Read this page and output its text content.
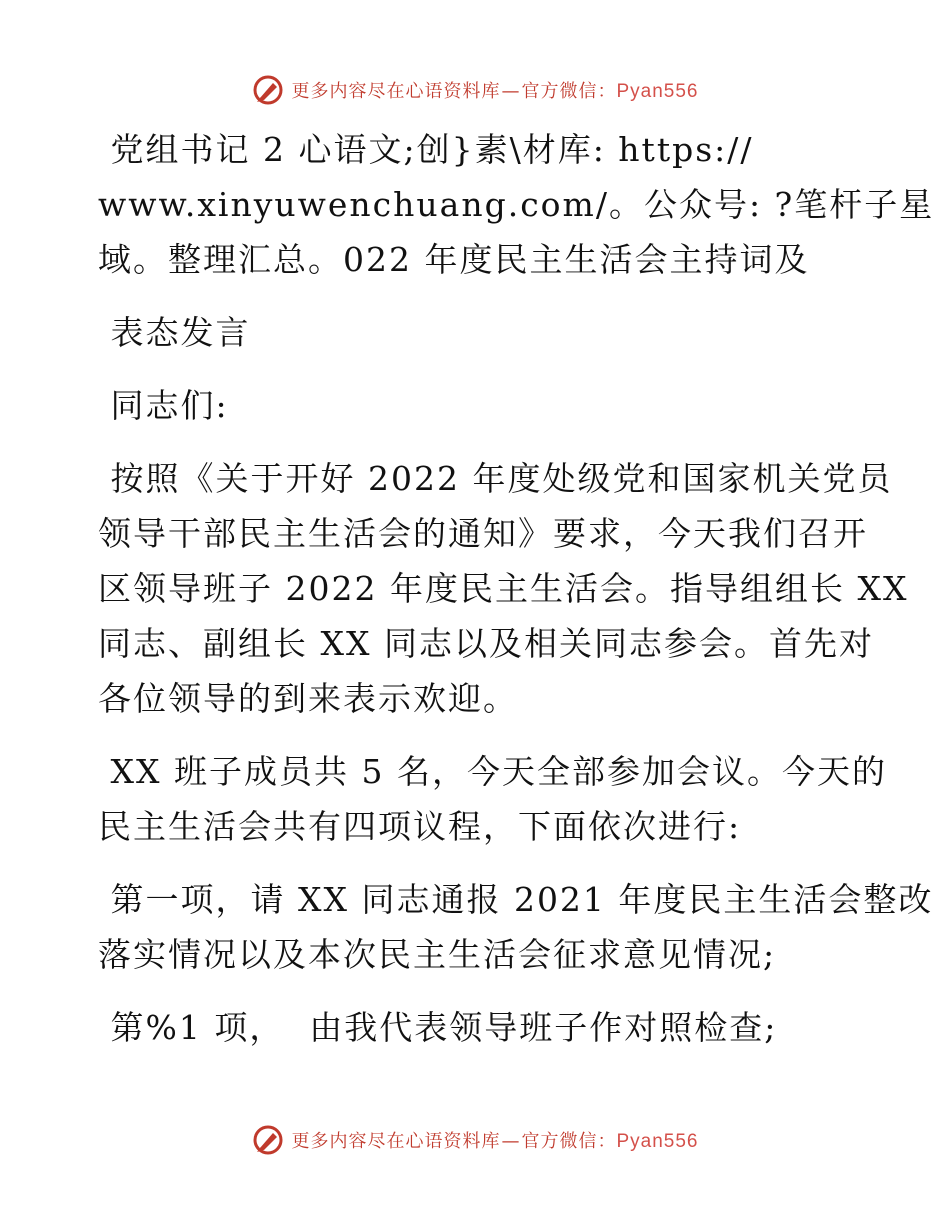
更多内容尽在心语资料库—官方微信：Pyan556
党组书记 2 心语文;创}素\材库: https://
www.xinyuwenchuang.com/。公众号: ?笔杆子星
域。整理汇总。022 年度民主生活会主持词及
表态发言
同志们:
按照《关于开好 2022 年度处级党和国家机关党员
领导干部民主生活会的通知》要求，今天我们召开
区领导班子 2022 年度民主生活会。指导组组长 XX
同志、副组长 XX 同志以及相关同志参会。首先对
各位领导的到来表示欢迎。
XX 班子成员共 5 名，今天全部参加会议。今天的
民主生活会共有四项议程，下面依次进行:
第一项，请 XX 同志通报 2021 年度民主生活会整改
落实情况以及本次民主生活会征求意见情况;
第%1 项，  由我代表领导班子作对照检查;
更多内容尽在心语资料库—官方微信：Pyan556
